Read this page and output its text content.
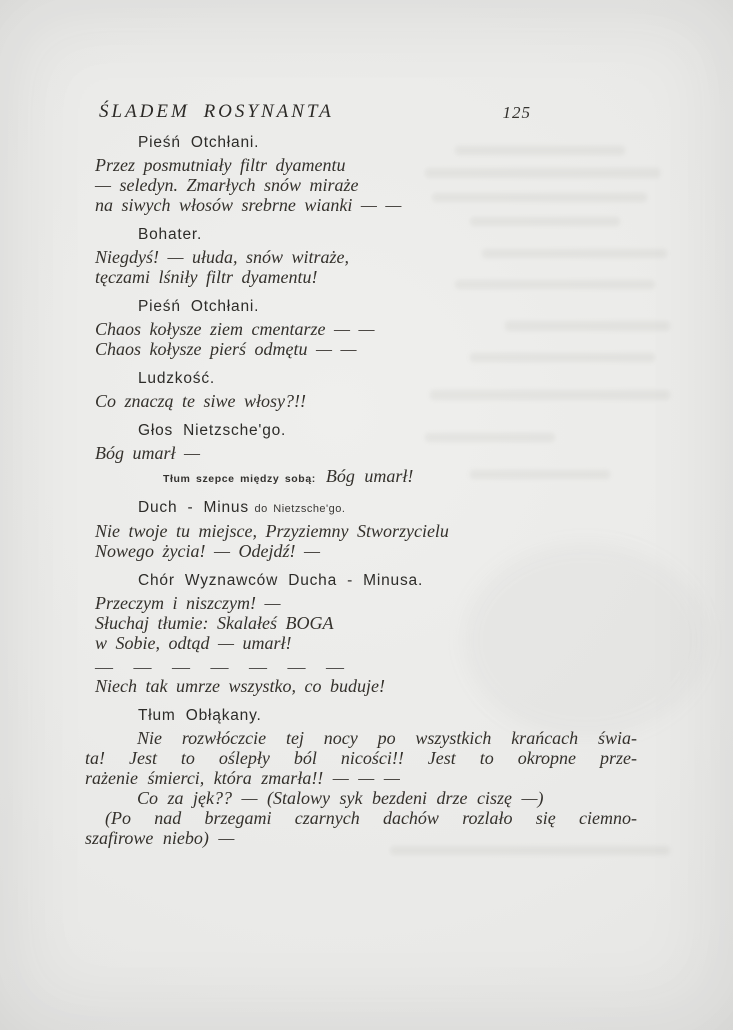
ŚLADEM ROSYNANTA	125
Pieśń Otchłani.
Przez posmutniały filtr dyamentu
— seledyn. Zmarłych snów miraże
na siwych włosów srebrne wianki — —
Bohater.
Niegdyś! — ułuda, snów witraże,
tęczami lśniły filtr dyamentu!
Pieśń Otchłani.
Chaos kołysze ziem cmentarze — —
Chaos kołysze pierś odmętu — —
Ludzkość.
Co znaczą te siwe włosy?!!
Głos Nietzsche'go.
Bóg umarł —
Tłum szepce między sobą: Bóg umarł!
Duch - Minus do Nietzsche'go.
Nie twoje tu miejsce, Przyziemny Stworzycielu
Nowego życia! — Odejdź! —
Chór Wyznawców Ducha - Minusa.
Przeczym i niszczym! —
Słuchaj tłumie: Skalałeś BOGA
w Sobie, odtąd — umarł!
— — — — — — —
Niech tak umrze wszystko, co buduje!
Tłum Obłąkany.
Nie rozwłóczcie tej nocy po wszystkich krańcach świa-
ta! Jest to oślepły ból nicości!! Jest to okropne prze-
rażenie śmierci, która zmarła!! — — —
Co za jęk?? — (Stalowy syk bezdeni drze ciszę —)
(Po nad brzegami czarnych dachów rozlało się ciemno-
szafirowe niebo) —
